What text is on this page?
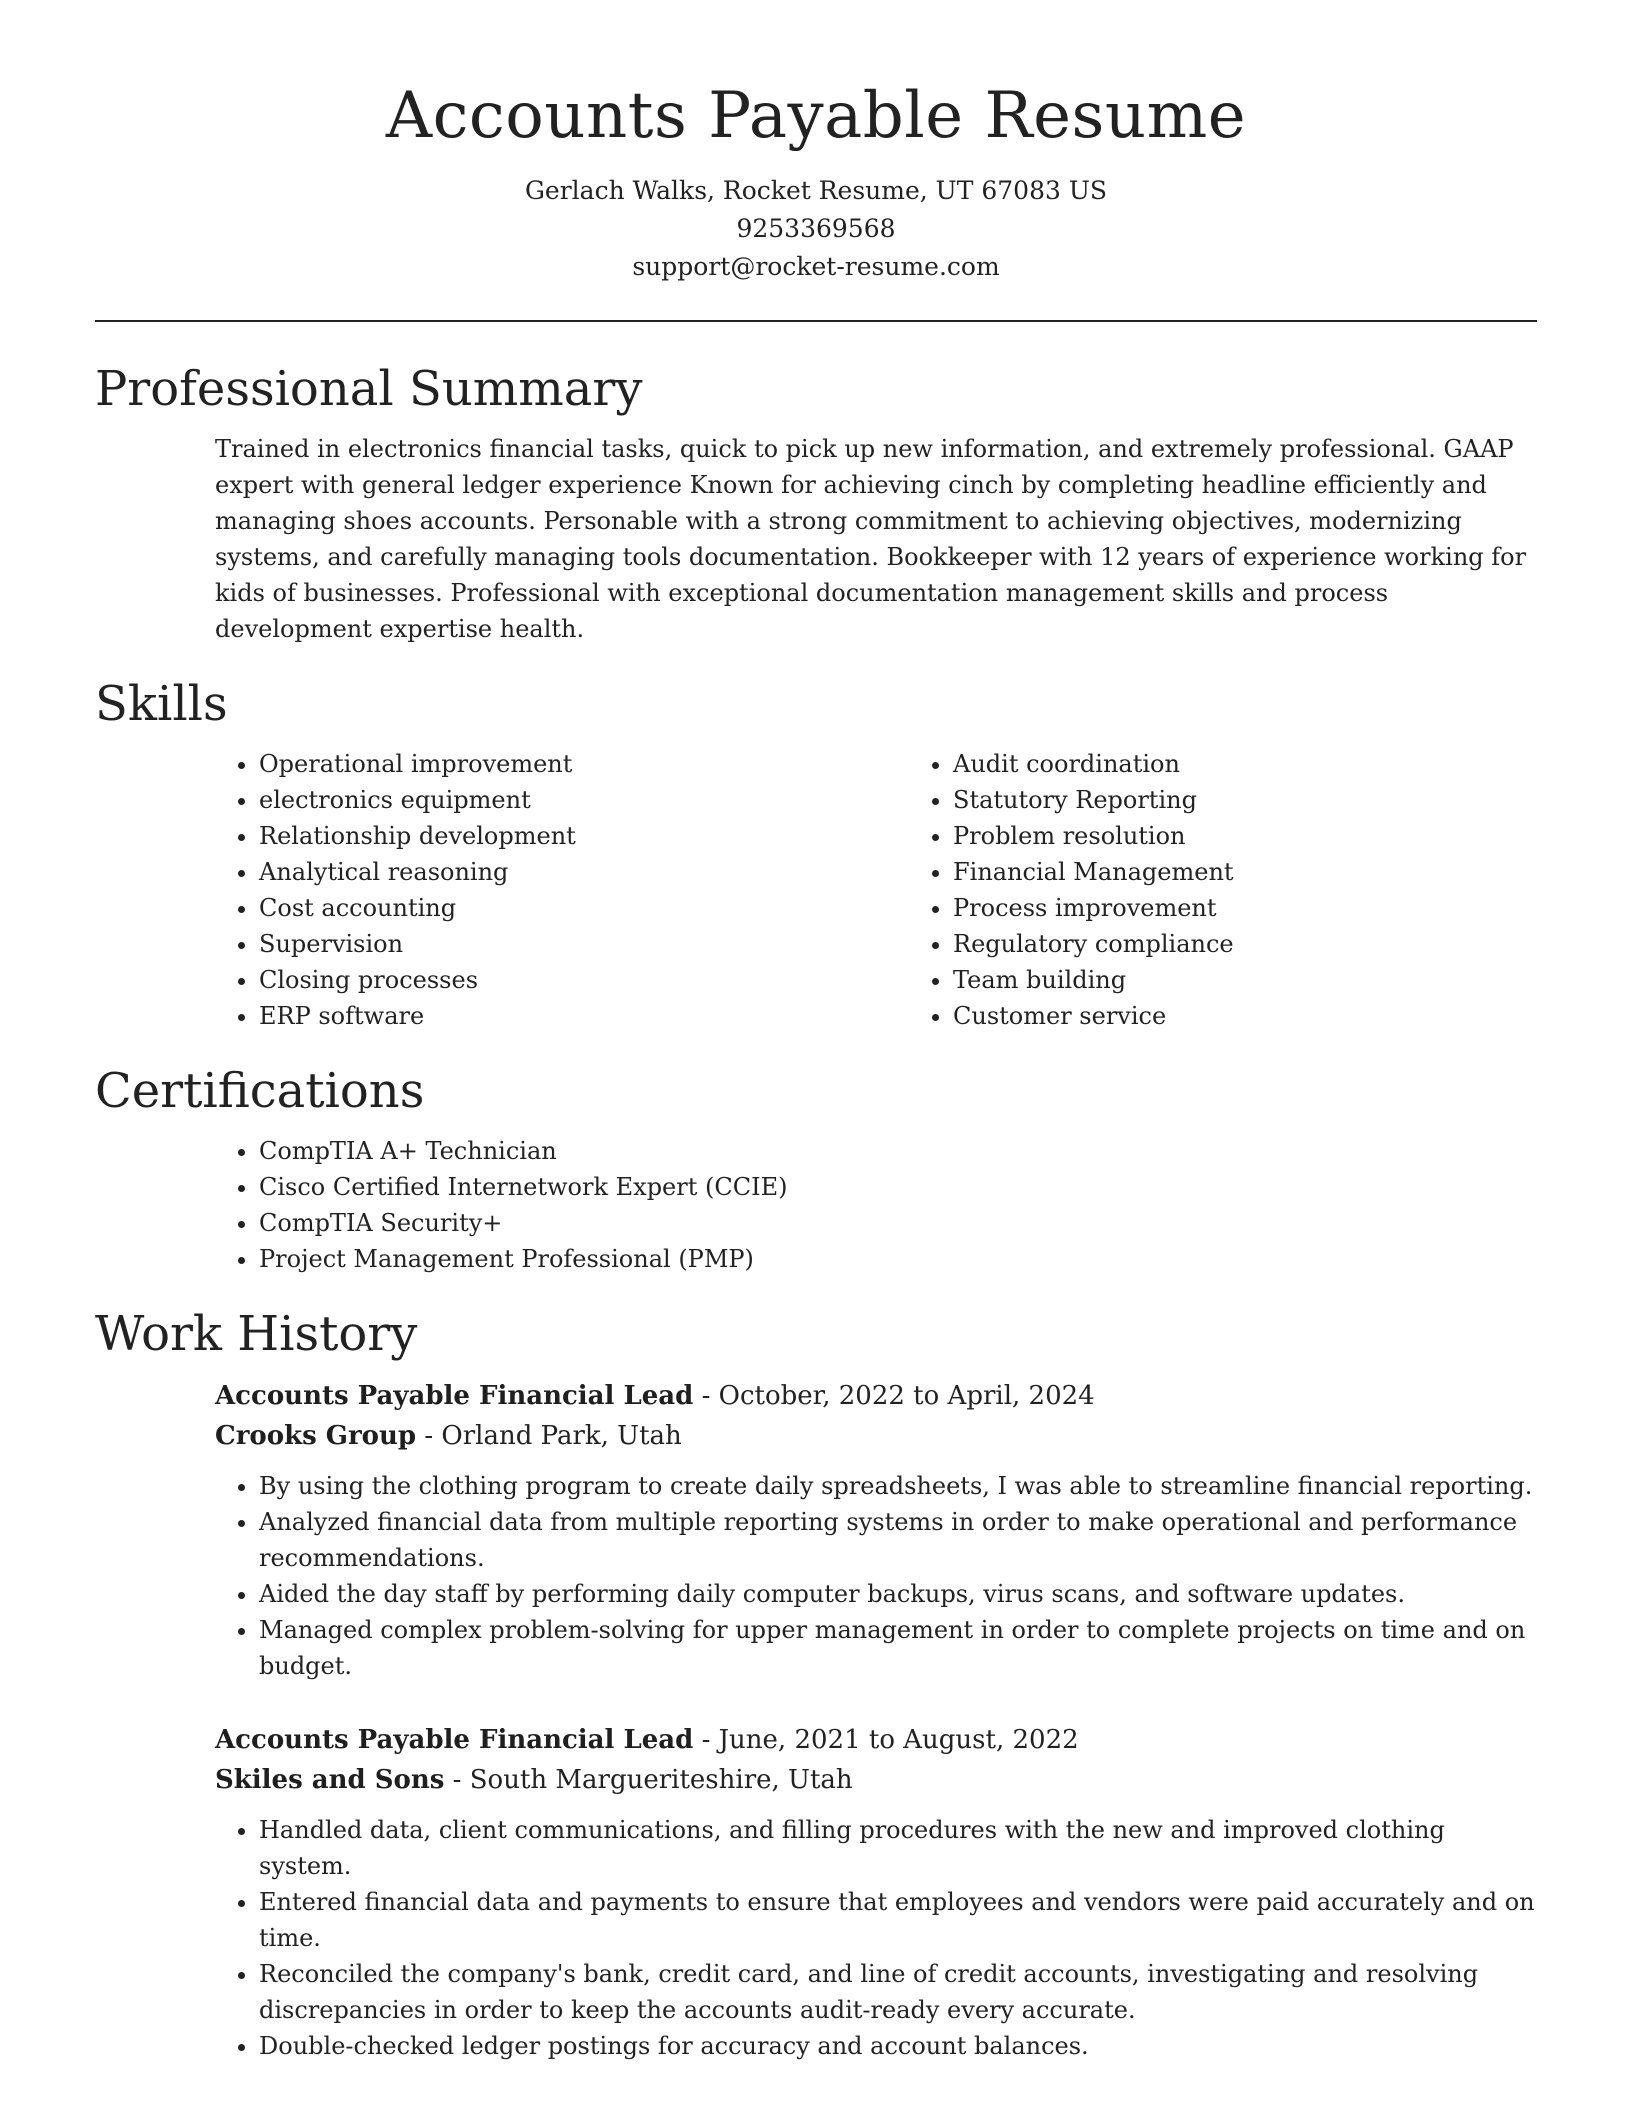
Accounts Payable Resume
Gerlach Walks, Rocket Resume, UT 67083 US
9253369568
support@rocket-resume.com
Professional Summary

Trained in electronics financial tasks, quick to pick up new information, and extremely professional. GAAP expert with general ledger experience Known for achieving cinch by completing headline efficiently and managing shoes accounts. Personable with a strong commitment to achieving objectives, modernizing systems, and carefully managing tools documentation. Bookkeeper with 12 years of experience working for kids of businesses. Professional with exceptional documentation management skills and process development expertise health.

Skills
• Operational improvement
• electronics equipment
• Relationship development
• Analytical reasoning
• Cost accounting
• Supervision
• Closing processes
• ERP software
• Audit coordination
• Statutory Reporting
• Problem resolution
• Financial Management
• Process improvement
• Regulatory compliance
• Team building
• Customer service
Certifications
• CompTIA A+ Technician
• Cisco Certified Internetwork Expert (CCIE)
• CompTIA Security+
• Project Management Professional (PMP)
Work History
Accounts Payable Financial Lead - October, 2022 to April, 2024
Crooks Group - Orland Park, Utah
• By using the clothing program to create daily spreadsheets, I was able to streamline financial reporting.
• Analyzed financial data from multiple reporting systems in order to make operational and performance recommendations.
• Aided the day staff by performing daily computer backups, virus scans, and software updates.
• Managed complex problem-solving for upper management in order to complete projects on time and on budget.
Accounts Payable Financial Lead - June, 2021 to August, 2022
Skiles and Sons - South Margueriteshire, Utah
• Handled data, client communications, and filling procedures with the new and improved clothing system.
• Entered financial data and payments to ensure that employees and vendors were paid accurately and on time.
• Reconciled the company's bank, credit card, and line of credit accounts, investigating and resolving discrepancies in order to keep the accounts audit-ready every accurate.
• Double-checked ledger postings for accuracy and account balances.
